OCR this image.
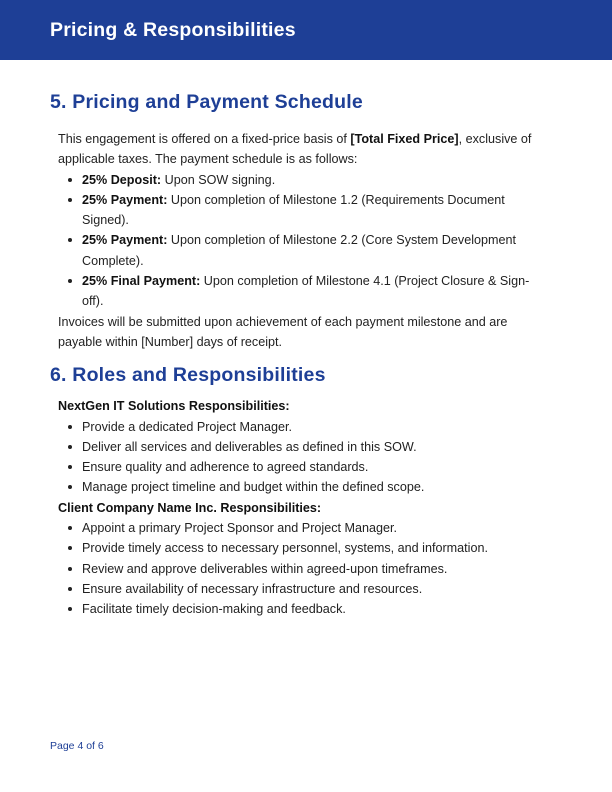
Pricing & Responsibilities
5. Pricing and Payment Schedule

This engagement is offered on a fixed-price basis of [Total Fixed Price], exclusive of applicable taxes. The payment schedule is as follows:

25% Deposit: Upon SOW signing.
25% Payment: Upon completion of Milestone 1.2 (Requirements Document Signed).
25% Payment: Upon completion of Milestone 2.2 (Core System Development Complete).
25% Final Payment: Upon completion of Milestone 4.1 (Project Closure & Sign-off).

Invoices will be submitted upon achievement of each payment milestone and are payable within [Number] days of receipt.

6. Roles and Responsibilities

NextGen IT Solutions Responsibilities:

Provide a dedicated Project Manager.
Deliver all services and deliverables as defined in this SOW.
Ensure quality and adherence to agreed standards.
Manage project timeline and budget within the defined scope.

Client Company Name Inc. Responsibilities:

Appoint a primary Project Sponsor and Project Manager.
Provide timely access to necessary personnel, systems, and information.
Review and approve deliverables within agreed-upon timeframes.
Ensure availability of necessary infrastructure and resources.
Facilitate timely decision-making and feedback.
Page 4 of 6
